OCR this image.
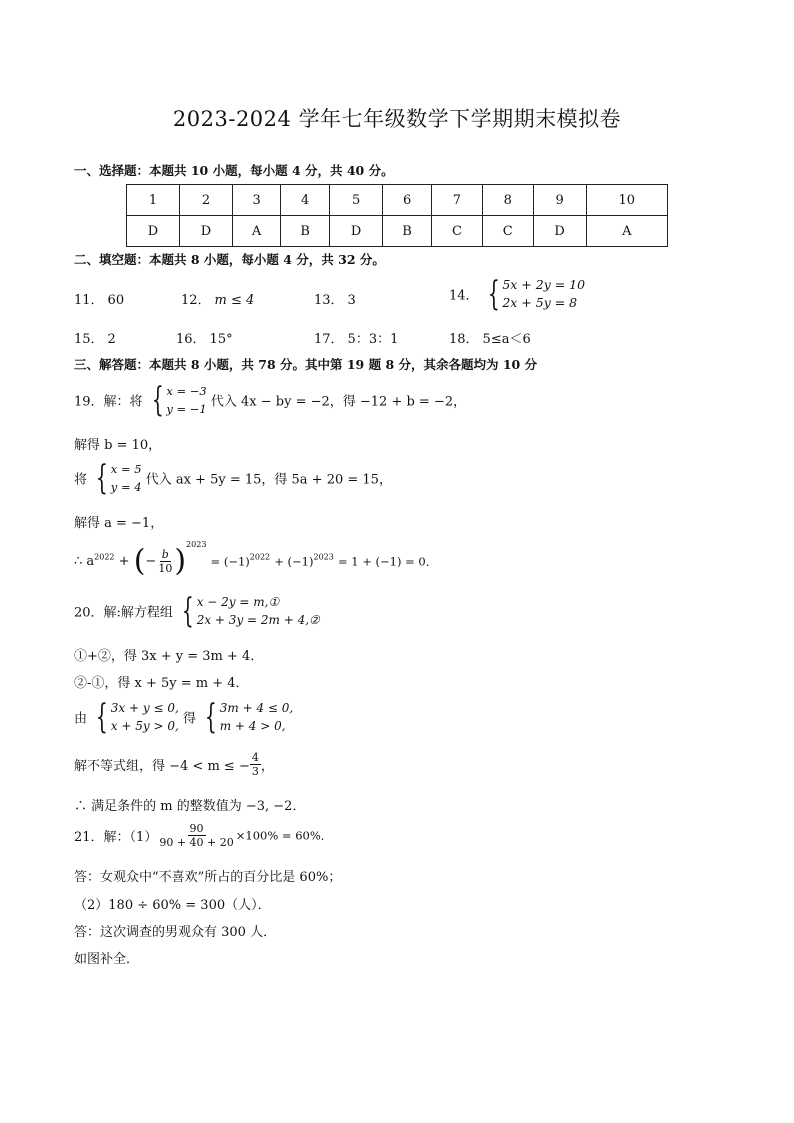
2023-2024 学年七年级数学下学期期末模拟卷
一、选择题：本题共 10 小题，每小题 4 分，共 40 分。
1	2	3	4	5	6	7	8	9	10
D	D	A	B	D	B	C	C	D	A
二、填空题：本题共 8 小题，每小题 4 分，共 32 分。
11． 60	12． m ≤ 4	13． 3	14． { 5x + 2y = 10
2x + 5y = 8
15． 2	16． 15°	17． 5：3：1	18． 5≤a＜6
三、解答题：本题共 8 小题，共 78 分。其中第 19 题 8 分，其余各题均为 10 分
19．解：将 { x = −3
y = −1 代入 4x − by = −2，得 −12 + b = −2，
解得 b = 10，
将 { x = 5
y = 4 代入 ax + 5y = 15，得 5a + 20 = 15，
解得 a = −1，
∴ $a^{2022}$ + (− $\frac{b}{10} )^{2023} = (-1)^{2022} + (-1)^{2023} = 1 + (-1) = 0$．
20．解:解方程组 { x − 2y = m,①
2x + 3y = 2m + 4,②
①+②，得 3x + y = 3m + 4．
②-①，得 x + 5y = m + 4．
由 { 3x + y ≤ 0,
x + 5y > 0, 得 { 3m + 4 ≤ 0,
m + 4 > 0,
解不等式组，得 −4 < m ≤ − $\frac{4}{3}$ ，
∴ 满足条件的 m 的整数值为 −3, −2．
21．解：$(1) \frac{90}{90 + 40 + 20} \times 100\% = 60\%$．
答：女观众中“不喜欢”所占的百分比是 60%；
（2）180 ÷ 60% = 300（人）．
答：这次调查的男观众有 300 人．
如图补全．
